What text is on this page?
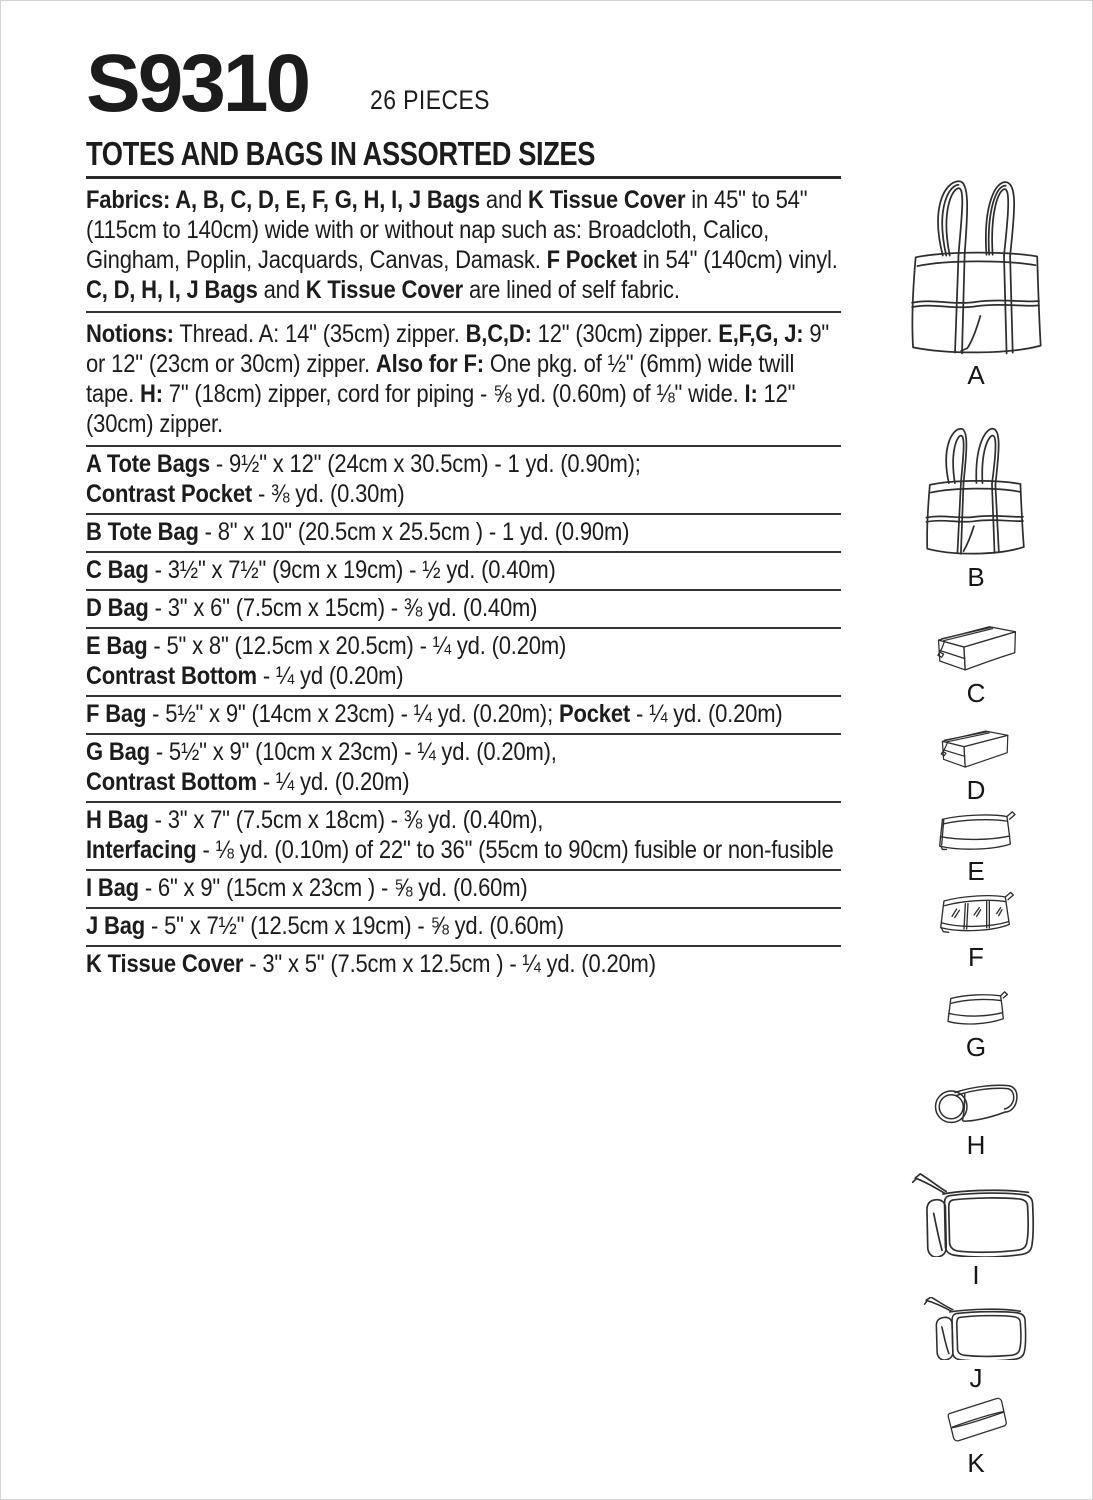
S9310 26 PIECES
TOTES AND BAGS IN ASSORTED SIZES

Fabrics: A, B, C, D, E, F, G, H, I, J Bags and K Tissue Cover in 45" to 54" (115cm to 140cm) wide with or without nap such as: Broadcloth, Calico, Gingham, Poplin, Jacquards, Canvas, Damask. F Pocket in 54" (140cm) vinyl. C, D, H, I, J Bags and K Tissue Cover are lined of self fabric.

Notions: Thread. A: 14" (35cm) zipper. B,C,D: 12" (30cm) zipper. E,F,G, J: 9" or 12" (23cm or 30cm) zipper. Also for F: One pkg. of ½" (6mm) wide twill tape. H: 7" (18cm) zipper, cord for piping - ⅝ yd. (0.60m) of ⅛" wide. I: 12" (30cm) zipper.

A Tote Bags - 9½" x 12" (24cm x 30.5cm) - 1 yd. (0.90m);
Contrast Pocket - ⅜ yd. (0.30m)
B Tote Bag - 8" x 10" (20.5cm x 25.5cm ) - 1 yd. (0.90m)
C Bag - 3½" x 7½" (9cm x 19cm) - ½ yd. (0.40m)
D Bag - 3" x 6" (7.5cm x 15cm) - ⅜ yd. (0.40m)
E Bag - 5" x 8" (12.5cm x 20.5cm) - ¼ yd. (0.20m)
Contrast Bottom - ¼ yd (0.20m)
F Bag - 5½" x 9" (14cm x 23cm) - ¼ yd. (0.20m); Pocket - ¼ yd. (0.20m)
G Bag - 5½" x 9" (10cm x 23cm) - ¼ yd. (0.20m),
Contrast Bottom - ¼ yd. (0.20m)
H Bag - 3" x 7" (7.5cm x 18cm) - ⅜ yd. (0.40m),
Interfacing - ⅛ yd. (0.10m) of 22" to 36" (55cm to 90cm) fusible or non-fusible
I Bag - 6" x 9" (15cm x 23cm ) - ⅝ yd. (0.60m)
J Bag - 5" x 7½" (12.5cm x 19cm) - ⅝ yd. (0.60m)
K Tissue Cover - 3" x 5" (7.5cm x 12.5cm ) - ¼ yd. (0.20m)
A
B
C
D
E
F
G
H
I
J
K
